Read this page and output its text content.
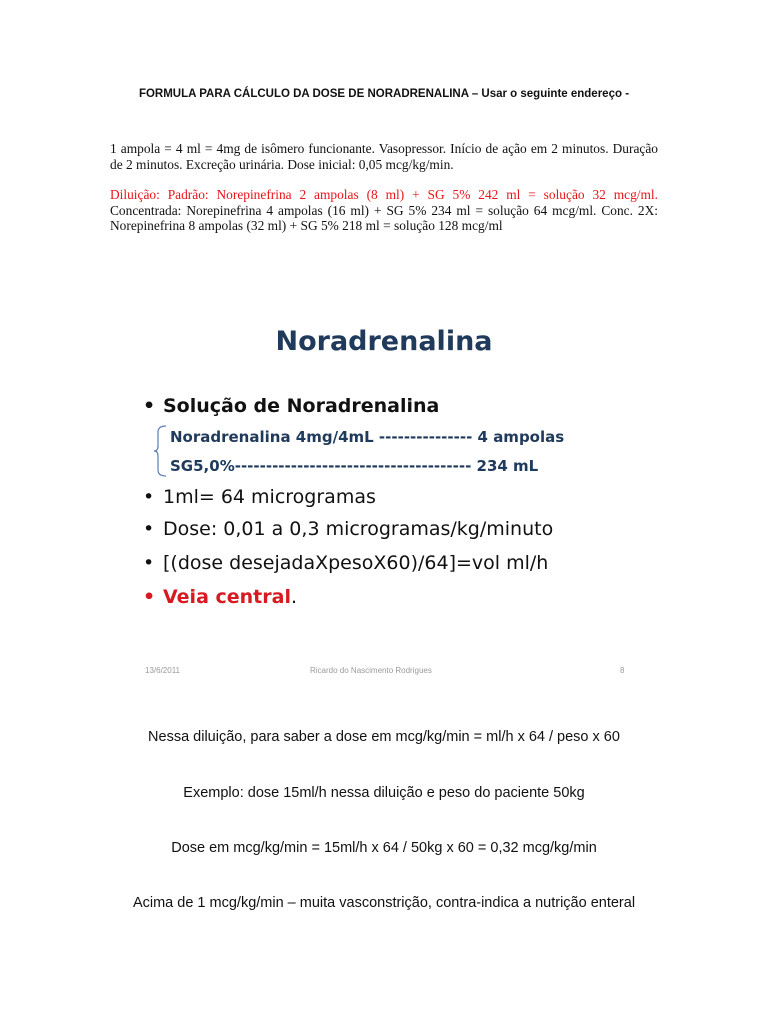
FORMULA PARA CÁLCULO DA DOSE DE NORADRENALINA – Usar o seguinte endereço -
1 ampola = 4 ml = 4mg de isômero funcionante. Vasopressor. Início de ação em 2 minutos. Duração de 2 minutos. Excreção urinária. Dose inicial: 0,05 mcg/kg/min.
Diluição: Padrão: Norepinefrina 2 ampolas (8 ml) + SG 5% 242 ml = solução 32 mcg/ml. Concentrada: Norepinefrina 4 ampolas (16 ml) + SG 5% 234 ml = solução 64 mcg/ml. Conc. 2X: Norepinefrina 8 ampolas (32 ml) + SG 5% 218 ml = solução 128 mcg/ml
Noradrenalina
• Solução de Noradrenalina
Noradrenalina 4mg/4mL --------------- 4 ampolas
SG5,0%-------------------------------------- 234 mL
• 1ml= 64 microgramas
• Dose: 0,01 a 0,3 microgramas/kg/minuto
• [(dose desejadaXpesoX60)/64]=vol ml/h
• Veia central.
13/6/2011	Ricardo do Nascimento Rodrigues	8
Nessa diluição, para saber a dose em mcg/kg/min = ml/h x 64 / peso x 60
Exemplo: dose 15ml/h nessa diluição e peso do paciente 50kg
Dose em mcg/kg/min = 15ml/h x 64 / 50kg x 60 = 0,32 mcg/kg/min
Acima de 1 mcg/kg/min – muita vasconstrição, contra-indica a nutrição enteral
